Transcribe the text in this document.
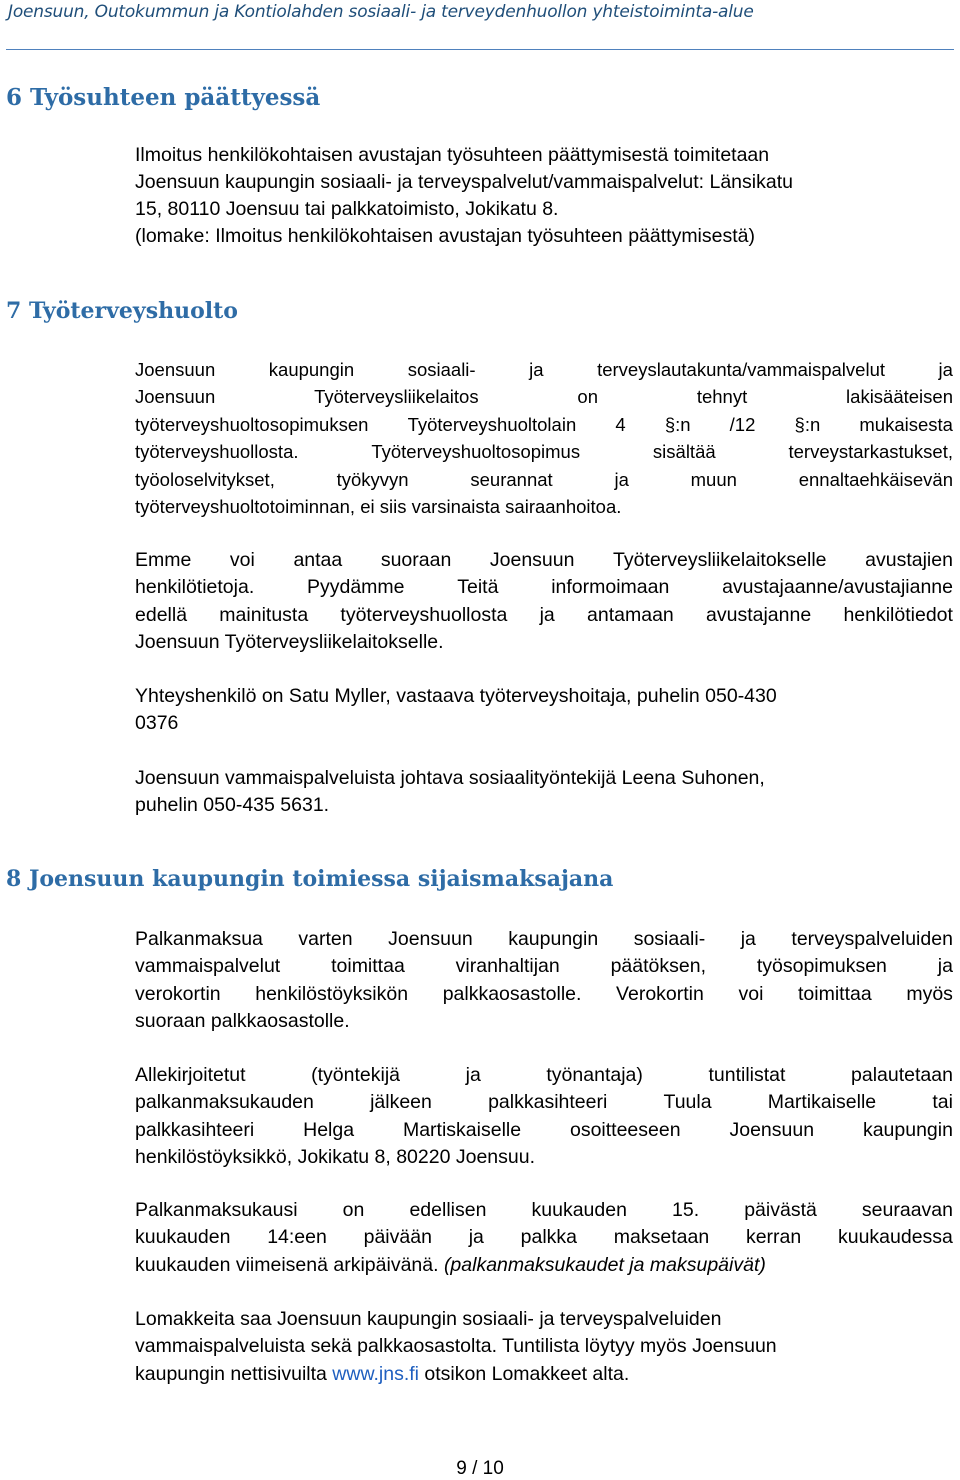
Joensuun, Outokummun ja Kontiolahden sosiaali- ja terveydenhuollon yhteistoiminta-alue
6 Työsuhteen päättyessä
Ilmoitus henkilökohtaisen avustajan työsuhteen päättymisestä toimitetaan
Joensuun kaupungin sosiaali- ja terveyspalvelut/vammaispalvelut: Länsikatu
15, 80110 Joensuu tai palkkatoimisto, Jokikatu 8.
(lomake: Ilmoitus henkilökohtaisen avustajan työsuhteen päättymisestä)
7 Työterveyshuolto
Joensuun	kaupungin	sosiaali-	ja	terveyslautakunta/vammaispalvelut	ja
Joensuun	Työterveysliikelaitos	on	tehnyt	lakisääteisen
työterveyshuoltosopimuksen Työterveyshuoltolain 4 §:n /12 §:n mukaisesta
työterveyshuollosta.	Työterveyshuoltosopimus	sisältää	terveystarkastukset,
työoloselvitykset,	työkyvyn	seurannat	ja	muun	ennaltaehkäisevän
työterveyshuoltotoiminnan, ei siis varsinaista sairaanhoitoa.
Emme voi antaa suoraan Joensuun Työterveysliikelaitokselle avustajien
henkilötietoja.	Pyydämme	Teitä	informoimaan	avustajaanne/avustajianne
edellä mainitusta työterveyshuollosta ja antamaan avustajanne henkilötiedot
Joensuun Työterveysliikelaitokselle.
Yhteyshenkilö on Satu Myller, vastaava työterveyshoitaja, puhelin 050-430
0376
Joensuun vammaispalveluista johtava sosiaalityöntekijä Leena Suhonen,
puhelin 050-435 5631.
8 Joensuun kaupungin toimiessa sijaismaksajana
Palkanmaksua varten Joensuun kaupungin sosiaali- ja terveyspalveluiden
vammaispalvelut	toimittaa	viranhaltijan	päätöksen,	työsopimuksen	ja
verokortin henkilöstöyksikön palkkaosastolle. Verokortin voi toimittaa myös
suoraan palkkaosastolle.
Allekirjoitetut	(työntekijä	ja	työnantaja)	tuntilistat	palautetaan
palkanmaksukauden	jälkeen	palkkasihteeri	Tuula	Martikaiselle	tai
palkkasihteeri	Helga	Martiskaiselle	osoitteeseen	Joensuun	kaupungin
henkilöstöyksikkö, Jokikatu 8, 80220 Joensuu.
Palkanmaksukausi on edellisen kuukauden 15. päivästä seuraavan
kuukauden 14:een päivään ja palkka maksetaan kerran kuukaudessa
kuukauden viimeisenä arkipäivänä. (palkanmaksukaudet ja maksupäivät)
Lomakkeita saa Joensuun kaupungin sosiaali- ja terveyspalveluiden
vammaispalveluista sekä palkkaosastolta. Tuntilista löytyy myös Joensuun
kaupungin nettisivuilta www.jns.fi otsikon Lomakkeet alta.
9 / 10
